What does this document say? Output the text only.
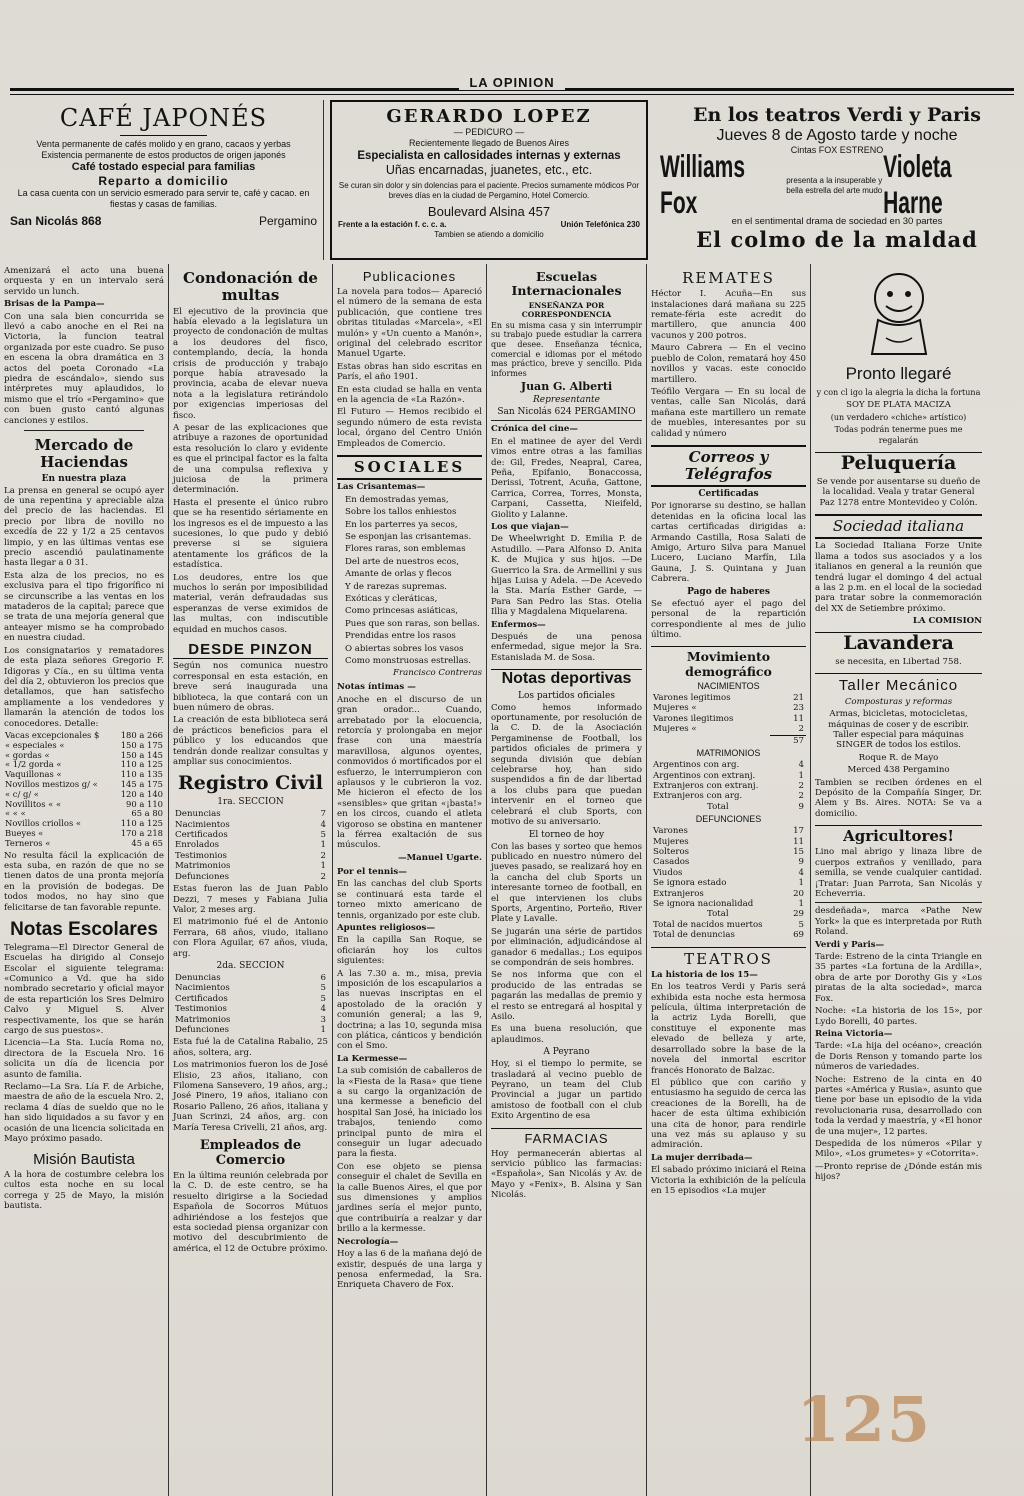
LA OPINION
CAFÉ JAPONÉS

Venta permanente de cafés molido y en grano, cacaos y yerbas

Existencia permanente de estos productos de origen japonés

Café tostado especial para familias

Reparto a domicilio

La casa cuenta con un servicio esmerado para servir te, café y cacao. en fiestas y casas de familias.

San Nicolás 868	Pergamino
GERARDO LOPEZ

— PEDICURO —

Recientemente llegado de Buenos Aires

Especialista en callosidades internas y externas

Uñas encarnadas, juanetes, etc., etc.

Se curan sin dolor y sin dolencias para el paciente. Precios sumamente módicos Por breves días en la ciudad de Pergamino, Hotel Comercio.

Boulevard Alsina 457

Frente a la estación f. c. c. a.	Unión Telefónica 230

Tambien se atiendo a domicilio

En los teatros Verdi y Paris

Jueves 8 de Agosto tarde y noche

Cintas FOX ESTRENO

Williams Fox
presenta a la insuperable y bella estrella del arte mudo
Violeta Harne

en el sentimental drama de sociedad en 30 partes

El colmo de la maldad

Amenizará el acto una buena orquesta y en un intervalo será servido un lunch.

Brisas de la Pampa—

Con una sala bien concurrida se llevó a cabo anoche en el Rei na Victoria, la funcion teatral organizada por este cuadro. Se puso en escena la obra dramática en 3 actos del poeta Coronado «La piedra de escándalo», siendo sus intérpretes muy aplaudidos, lo mismo que el trío «Pergamino» que con buen gusto cantó algunas canciones y estilos.

Mercado de Haciendas

En nuestra plaza

La prensa en general se ocupó ayer de una repentina y apreciable alza del precio de las haciendas. El precio por libra de novillo no excedía de 22 y 1/2 a 25 centavos limpio, y en las últimas ventas ese precio ascendió paulatinamente hasta llegar a 0 31.

Esta alza de los precios, no es exclusiva para el tipo frigorífico ni se circunscribe a las ventas en los mataderos de la capital; parece que se trata de una mejoría general que anteayer mismo se ha comprobado en nuestra ciudad.

Los consignatarios y rematadores de esta plaza señores Gregorio F. Idigoras y Cía., en su última venta del día 2, obtuvieron los precios que detallamos, que han satisfecho ampliamente a los vendedores y llamarán la atención de todos los conocedores. Detalle:

Vacas excepcionales $	180 a 266
« especiales «	150 a 175
« gordas «	150 a 145
« 1/2 gorda «	110 a 125
Vaquillonas «	110 a 135
Novillos mestizos g/ «	145 a 175
« c/ g/ «	120 a 140
Novillitos « «	90 a 110
« « «	65 a 80
Novillos criollos «	110 a 125
Bueyes «	170 a 218
Terneros «	45 a 65

No resulta fácil la explicación de esta suba, en razón de que no se tienen datos de una pronta mejoría en la provisión de bodegas. De todos modos, no hay sino que felicitarse de tan favorable repunte.

Notas Escolares

Telegrama—El Director General de Escuelas ha dirigido al Consejo Escolar el siguiente telegrama: «Comunico a Vd. que ha sido nombrado secretario y oficial mayor de esta repartición los Sres Delmiro Calvo y Miguel S. Alver respectivamente, los que se harán cargo de sus puestos».

Licencia—La Sta. Lucía Roma no, directora de la Escuela Nro. 16 solicita un día de licencia por asunto de familia.

Reclamo—La Sra. Lía F. de Arbiche, maestra de año de la escuela Nro. 2, reclama 4 días de sueldo que no le han sido liquidados a su favor y en ocasión de una licencia solicitada en Mayo próximo pasado.

Misión Bautista

A la hora de costumbre celebra los cultos esta noche en su local correga y 25 de Mayo, la misión bautista.

Condonación de multas

El ejecutivo de la provincia que había elevado a la legislatura un proyecto de condonación de multas a los deudores del fisco, contemplando, decía, la honda crisis de producción y trabajo porque había atravesado la provincia, acaba de elevar nueva nota a la legislatura retirándolo por exigencias imperiosas del fisco.

A pesar de las explicaciones que atribuye a razones de oportunidad esta resolución lo claro y evidente es que el principal factor es la falta de una compulsa reflexiva y juiciosa de la primera determinación.

Hasta el presente el único rubro que se ha resentido sériamente en los ingresos es el de impuesto a las sucesiones, lo que pudo y debió preverse si se siguiera atentamente los gráficos de la estadística.

Los deudores, entre los que muchos lo serán por imposibilidad material, verán defraudadas sus esperanzas de verse eximidos de las multas, con indiscutible equidad en muchos casos.

DESDE PINZON

Según nos comunica nuestro corresponsal en esta estación, en breve será inaugurada una biblioteca, la que contará con un buen número de obras.

La creación de esta biblioteca será de prácticos beneficios para el público y los educandos que tendrán donde realizar consultas y ampliar sus conocimientos.

Registro Civil

1ra. SECCION

Denuncias	7
Nacimientos	4
Certificados	5
Enrolados	1
Testimonios	2
Matrimonios	1
Defunciones	2

Estas fueron las de Juan Pablo Dezzi, 7 meses y Fabiana Julia Valor, 2 meses arg.

El matrimonio fué el de Antonio Ferrara, 68 años, viudo, italiano con Flora Aguilar, 67 años, viuda, arg.

2da. SECCION

Denuncias	6
Nacimientos	5
Certificados	5
Testimonios	4
Matrimonios	3
Defunciones	1

Esta fué la de Catalina Rabalio, 25 años, soltera, arg.

Los matrimonios fueron los de José Elisio, 23 años, italiano, con Filomena Sansevero, 19 años, arg.; José Pinero, 19 años, italiano con Rosario Palleno, 26 años, italiana y Juan Scrinzi, 24 años, arg. con María Teresa Crivelli, 21 años, arg.

Empleados de Comercio

En la última reunión celebrada por la C. D. de este centro, se ha resuelto dirigirse a la Sociedad Española de Socorros Mútuos adhiriéndose a los festejos que esta sociedad piensa organizar con motivo del descubrimiento de américa, el 12 de Octubre próximo.

Publicaciones

La novela para todos— Apareció el número de la semana de esta publicación, que contiene tres obritas tituladas «Marcela», «El mulón» y «Un cuento a Manón», original del celebrado escritor Manuel Ugarte.

Estas obras han sido escritas en París, el año 1901.

En esta ciudad se halla en venta en la agencia de «La Razón».

El Futuro — Hemos recibido el segundo número de esta revista local, órgano del Centro Unión Empleados de Comercio.

SOCIALES

Las Crisantemas—

En demostradas yemas,

Sobre los tallos enhiestos

En los parterres ya secos,

Se esponjan las crisantemas.

Flores raras, son emblemas

Del arte de nuestros ecos,

Amante de orlas y flecos

Y de rarezas supremas.

Exóticas y cleráticas,

Como princesas asiáticas,

Pues que son raras, son bellas.

Prendidas entre los rasos

O abiertas sobres los vasos

Como monstruosas estrellas.

Francisco Contreras

Notas íntimas —

Anoche en el discurso de un gran orador... Cuando, arrebatado por la elocuencia, retorcía y prolongaba en mejor frase con una maestría maravillosa, algunos oyentes, conmovidos ó mortificados por el esfuerzo, le interrumpieron con aplausos y le cubrieron la voz. Me hicieron el efecto de los «sensibles» que gritan «¡basta!» en los circos, cuando el atleta vigoroso se obstina en mantener la férrea exaltación de sus músculos.

—Manuel Ugarte.

Por el tennis—

En las canchas del club Sports se continuará esta tarde el torneo mixto americano de tennis, organizado por este club.

Apuntes religiosos—

En la capilla San Roque, se oficiarán hoy los cultos siguientes:

A las 7.30 a. m., misa, previa imposición de los escapularios a las nuevas inscriptas en el apostolado de la oración y comunión general; a las 9, doctrina; a las 10, segunda misa con plática, cánticos y bendición con el Smo.

La Kermesse—

La sub comisión de caballeros de la «Fiesta de la Rasa» que tiene a su cargo la organización de una kermesse a beneficio del hospital San José, ha iniciado los trabajos, teniendo como principal punto de mira el conseguir un lugar adecuado para la fiesta.

Con ese objeto se piensa conseguir el chalet de Sevilla en la calle Buenos Aires, el que por sus dimensiones y amplios jardines sería el mejor punto, que contribuiría a realzar y dar brillo a la kermesse.

Necrología—

Hoy a las 6 de la mañana dejó de existir, después de una larga y penosa enfermedad, la Sra. Enriqueta Chavero de Fox.

Escuelas Internacionales

ENSEÑANZA POR CORRESPONDENCIA

En su misma casa y sin interrumpir su trabajo puede estudiar la carrera que desee. Enseñanza técnica, comercial e idiomas por el método mas práctico, breve y sencillo. Pida informes

Juan G. Alberti

Representante

San Nicolás 624 PERGAMINO

Crónica del cine—

En el matinee de ayer del Verdi vimos entre otras a las familias de: Gil, Fredes, Neapral, Carea, Peña, Epifanio, Bonaccossa, Derissi, Totrent, Acuña, Gattone, Carrica, Correa, Torres, Monsta, Carpani, Cassetta, Nieifeld, Giolito y Lalanne.

Los que viajan—

De Wheelwright D. Emilia P. de Astudillo. —Para Alfonso D. Anita K. de Mujica y sus hijos. —De Guerrico la Sra. de Armellini y sus hijas Luisa y Adela. —De Acevedo la Sta. María Esther Garde, —Para San Pedro las Stas. Otelia Illia y Magdalena Miquelarena.

Enfermos—

Después de una penosa enfermedad, sigue mejor la Sra. Estanislada M. de Sosa.

Notas deportivas

Los partidos oficiales

Como hemos informado oportunamente, por resolución de la C. D. de la Asociación Pergaminense de Football, los partidos oficiales de primera y segunda división que debían celebrarse hoy, han sido suspendidos a fin de dar libertad a los clubs para que puedan intervenir en el torneo que celebrará el club Sports, con motivo de su aniversario.

El torneo de hoy

Con las bases y sorteo que hemos publicado en nuestro número del jueves pasado, se realizará hoy en la cancha del club Sports un interesante torneo de football, en el que intervienen los clubs Sports, Argentino, Porteño, River Plate y Lavalle.

Se jugarán una série de partidos por eliminación, adjudicándose al ganador 6 medallas.; Los equipos se compondrán de seis hombres.

Se nos informa que con el producido de las entradas se pagarán las medallas de premio y el resto se entregará al hospital y Asilo.

Es una buena resolución, que aplaudimos.

A Peyrano

Hoy, si el tiempo lo permite, se trasladará al vecino pueblo de Peyrano, un team del Club Provincial a jugar un partido amistoso de football con el club Exito Argentino de esa

FARMACIAS

Hoy permanecerán abiertas al servicio público las farmacias: «Española», San Nicolás y Av. de Mayo y «Fenix», B. Alsina y San Nicolás.

REMATES

Héctor I. Acuña—En sus instalaciones dará mañana su 225 remate-féria este acredit do martillero, que anuncia 400 vacunos y 200 potros.

Mauro Cabrera — En el vecino pueblo de Colon, rematará hoy 450 novillos y vacas. este conocido martillero.

Teófilo Vergara — En su local de ventas, calle San Nicolás, dará mañana este martillero un remate de muebles, interesantes por su calidad y número

Correos y Telégrafos

Certificadas

Por ignorarse su destino, se hallan detenidas en la oficina local las cartas certificadas dirigidas a: Armando Castilla, Rosa Salati de Amigo, Arturo Silva para Manuel Lucero, Luciano Marfín, Lila Gauna, J. S. Quintana y Juan Cabrera.

Pago de haberes

Se efectuó ayer el pago del personal de la repartición correspondiente al mes de julio último.

Movimiento demográfico

NACIMIENTOS

Varones legitimos	21
Mujeres «	23
Varones ilegitimos	11
Mujeres «	2
	57

MATRIMONIOS

Argentinos con arg.	4
Argentinos con extranj.	1
Extranjeros con extranj.	2
Extranjeros con arg.	2
Total	9

DEFUNCIONES

Varones	17
Mujeres	11
Solteros	15
Casados	9
Viudos	4
Se ignora estado	1
Extranjeros	20
Se ignora nacionalidad	1
Total	29
Total de nacidos muertos	5
Total de denuncias	69
TEATROS

La historia de los 15—

En los teatros Verdi y Paris será exhibida esta noche esta hermosa película, última interpretación de la actriz Lyda Borelli, que constituye el exponente mas elevado de belleza y arte, desarrollado sobre la base de la novela del inmortal escritor francés Honorato de Balzac.

El público que con cariño y entusiasmo ha seguido de cerca las creaciones de la Borelli, ha de hacer de esta última exhibición una cita de honor, para rendirle una vez más su aplauso y su admiración.

La mujer derribada—

El sabado próximo iniciará el Reina Victoria la exhibición de la película en 15 episodios «La mujer

Pronto llegaré

y con cl igo la alegria la dicha la fortuna

SOY DE PLATA MACIZA

(un verdadero «chiche» artístico)

Todas podrán tenerme pues me regalarán

Peluquería

Se vende por ausentarse su dueño de la localidad. Veala y tratar General Paz 1278 entre Montevideo y Colón.

Sociedad italiana

La Sociedad Italiana Forze Unite llama a todos sus asociados y a los italianos en general a la reunión que tendrá lugar el domingo 4 del actual a las 2 p.m. en el local de la sociedad para tratar sobre la conmemoración del XX de Setiembre próximo.

LA COMISION

Lavandera

se necesita, en Libertad 758.

Taller Mecánico

Composturas y reformas

Armas, bicicletas, motocicletas, máquinas de coser y de escribir. Taller especial para máquinas SINGER de todos los estilos.

Roque R. de Mayo

Merced 438 Pergamino

Tambien se reciben órdenes en el Depósito de la Compañía Singer, Dr. Alem y Bs. Aires. NOTA: Se va a domicilio.

Agricultores!

Lino mal abrigo y linaza libre de cuerpos extraños y venillado, para semilla, se vende cualquier cantidad. ¡Tratar: Juan Parrota, San Nicolás y Echeverria.

desdeñada», marca «Pathe New York» la que es interpretada por Ruth Roland.

Verdi y Paris—

Tarde: Estreno de la cinta Triangle en 35 partes «La fortuna de la Ardilla», obra de arte por Dorothy Gis y «Los piratas de la alta sociedad», marca Fox.

Noche: «La historia de los 15», por Lydo Borelli, 40 partes.

Reina Victoria—

Tarde: «La hija del océano», creación de Doris Renson y tomando parte los números de variedades.

Noche: Estreno de la cinta en 40 partes «América y Rusia», asunto que tiene por base un episodio de la vida revolucionaria rusa, desarrollado con toda la verdad y maestría, y «El honor de una mujer», 12 partes.

Despedida de los números «Pilar y Milo», «Los grumetes» y «Cotorrita».

—Pronto reprise de ¿Dónde están mis hijos?

125
